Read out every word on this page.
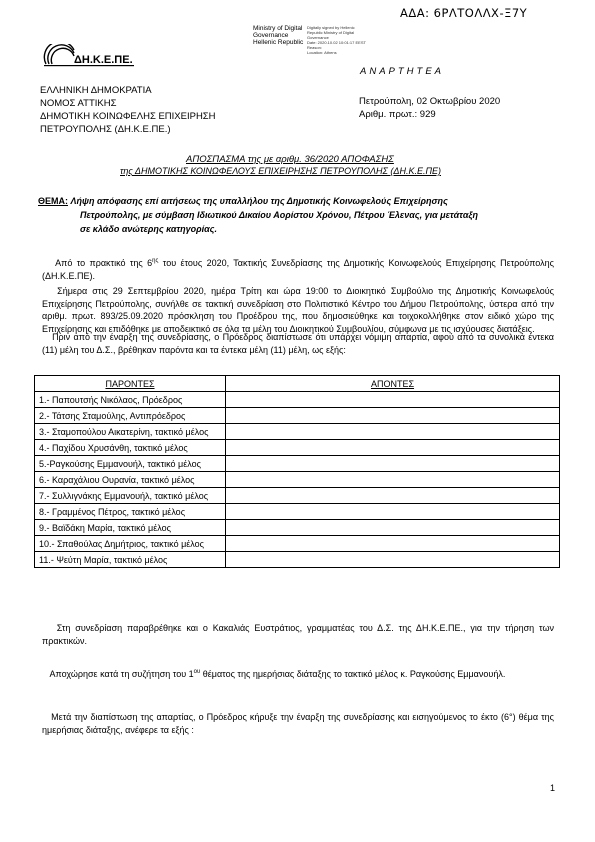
ΑΔΑ: 6ΡΛΤΟΛΛΧ-Ξ7Υ
ΔΗ.Κ.Ε.ΠΕ.
Ministry of Digital
Governance
Hellenic Republic
Digitally signed by Hellenic
Republic Ministry of Digital Governance
Date: 2020.10.02 10:01:17 EEST
Reason:
Location: Athens
ΑΝΑΡΤΗΤΕΑ
ΕΛΛΗΝΙΚΗ ΔΗΜΟΚΡΑΤΙΑ
ΝΟΜΟΣ ΑΤΤΙΚΗΣ
ΔΗΜΟΤΙΚΗ ΚΟΙΝΩΦΕΛΗΣ ΕΠΙΧΕΙΡΗΣΗ
ΠΕΤΡΟΥΠΟΛΗΣ (ΔΗ.Κ.Ε.ΠΕ.)
Πετρούπολη, 02 Οκτωβρίου 2020
Αριθμ. πρωτ.: 929
ΑΠΟΣΠΑΣΜΑ της με αριθμ. 36/2020 ΑΠΟΦΑΣΗΣ
της ΔΗΜΟΤΙΚΗΣ ΚΟΙΝΩΦΕΛΟΥΣ ΕΠΙΧΕΙΡΗΣΗΣ ΠΕΤΡΟΥΠΟΛΗΣ (ΔΗ.Κ.Ε.ΠΕ)
ΘΕΜΑ: Λήψη απόφασης επί αιτήσεως της υπαλλήλου της Δημοτικής Κοινωφελούς Επιχείρησης
Πετρούπολης, με σύμβαση Ιδιωτικού Δικαίου Αορίστου Χρόνου, Πέτρου Έλενας, για μετάταξη
σε κλάδο ανώτερης κατηγορίας.
Από το πρακτικό της $6^{\eta\varsigma}$ του έτους 2020, Τακτικής Συνεδρίασης της Δημοτικής Κοινωφελούς Επιχείρησης Πετρούπολης (ΔΗ.Κ.Ε.ΠΕ).
Σήμερα στις 29 Σεπτεμβρίου 2020, ημέρα Τρίτη και ώρα 19:00 το Διοικητικό Συμβούλιο της Δημοτικής Κοινωφελούς Επιχείρησης Πετρούπολης, συνήλθε σε τακτική συνεδρίαση στο Πολιτιστικό Κέντρο του Δήμου Πετρούπολης, ύστερα από την αριθμ. πρωτ. 893/25.09.2020 πρόσκληση του Προέδρου της, που δημοσιεύθηκε και τοιχοκολλήθηκε στον ειδικό χώρο της Επιχείρησης και επιδόθηκε με αποδεικτικό σε όλα τα μέλη του Διοικητικού Συμβουλίου, σύμφωνα με τις ισχύουσες διατάξεις.
Πριν από την έναρξη της συνεδρίασης, ο Πρόεδρος διαπίστωσε ότι υπάρχει νόμιμη απαρτία, αφού από τα συνολικά έντεκα (11) μέλη του Δ.Σ., βρέθηκαν παρόντα και τα έντεκα μέλη (11) μέλη, ως εξής:
ΠΑΡΟΝΤΕΣ	ΑΠΟΝΤΕΣ
1.- Παπουτσής Νικόλαος, Πρόεδρος	
2.- Τάτσης Σταμούλης, Αντιπρόεδρος	
3.- Σταμοπούλου Αικατερίνη, τακτικό μέλος	
4.- Παχίδου Χρυσάνθη, τακτικό μέλος	
5.-Ραγκούσης Εμμανουήλ, τακτικό μέλος	
6.- Καραχάλιου Ουρανία, τακτικό μέλος	
7.- Συλλιγνάκης Εμμανουήλ, τακτικό μέλος	
8.- Γραμμένος Πέτρος, τακτικό μέλος	
9.- Βαϊδάκη Μαρία, τακτικό μέλος	
10.- Σπαθούλας Δημήτριος, τακτικό μέλος	
11.- Ψεύτη Μαρία, τακτικό μέλος	
Στη συνεδρίαση παραβρέθηκε και ο Κακαλιάς Ευστράτιος, γραμματέας του Δ.Σ. της ΔΗ.Κ.Ε.ΠΕ., για την τήρηση των πρακτικών.
Αποχώρησε κατά τη συζήτηση του $1^{o\upsilon}$ θέματος της ημερήσιας διάταξης το τακτικό μέλος κ. Ραγκούσης Εμμανουήλ.
Μετά την διαπίστωση της απαρτίας, ο Πρόεδρος κήρυξε την έναρξη της συνεδρίασης και εισηγούμενος το έκτο (6°) θέμα της ημερήσιας διάταξης, ανέφερε τα εξής :
1
